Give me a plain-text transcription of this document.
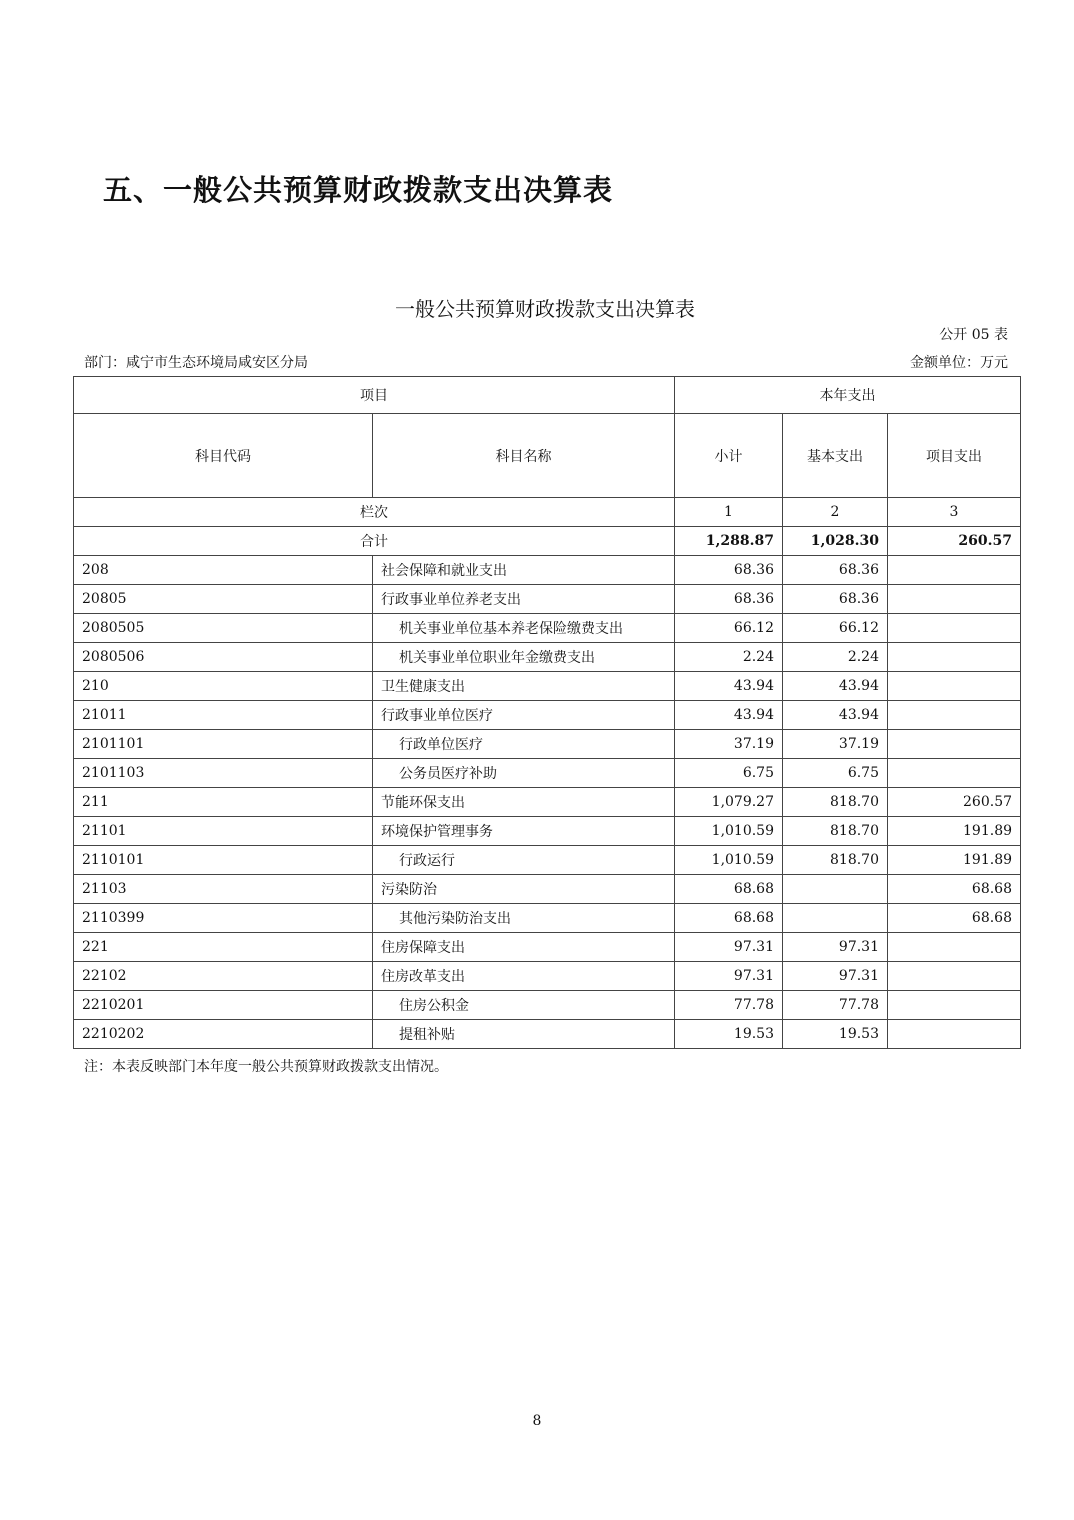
五、一般公共预算财政拨款支出决算表
一般公共预算财政拨款支出决算表
公开 05 表
部门：咸宁市生态环境局咸安区分局	金额单位：万元
项目		本年支出		
科目代码	科目名称	小计	基本支出	项目支出
栏次		1	2	3
合计		1,288.87	1,028.30	260.57
208	社会保障和就业支出	68.36	68.36	
20805	行政事业单位养老支出	68.36	68.36	
2080505	机关事业单位基本养老保险缴费支出	66.12	66.12	
2080506	机关事业单位职业年金缴费支出	2.24	2.24	
210	卫生健康支出	43.94	43.94	
21011	行政事业单位医疗	43.94	43.94	
2101101	行政单位医疗	37.19	37.19	
2101103	公务员医疗补助	6.75	6.75	
211	节能环保支出	1,079.27	818.70	260.57
21101	环境保护管理事务	1,010.59	818.70	191.89
2110101	行政运行	1,010.59	818.70	191.89
21103	污染防治	68.68		68.68
2110399	其他污染防治支出	68.68		68.68
221	住房保障支出	97.31	97.31	
22102	住房改革支出	97.31	97.31	
2210201	住房公积金	77.78	77.78	
2210202	提租补贴	19.53	19.53	
注：本表反映部门本年度一般公共预算财政拨款支出情况。
8
